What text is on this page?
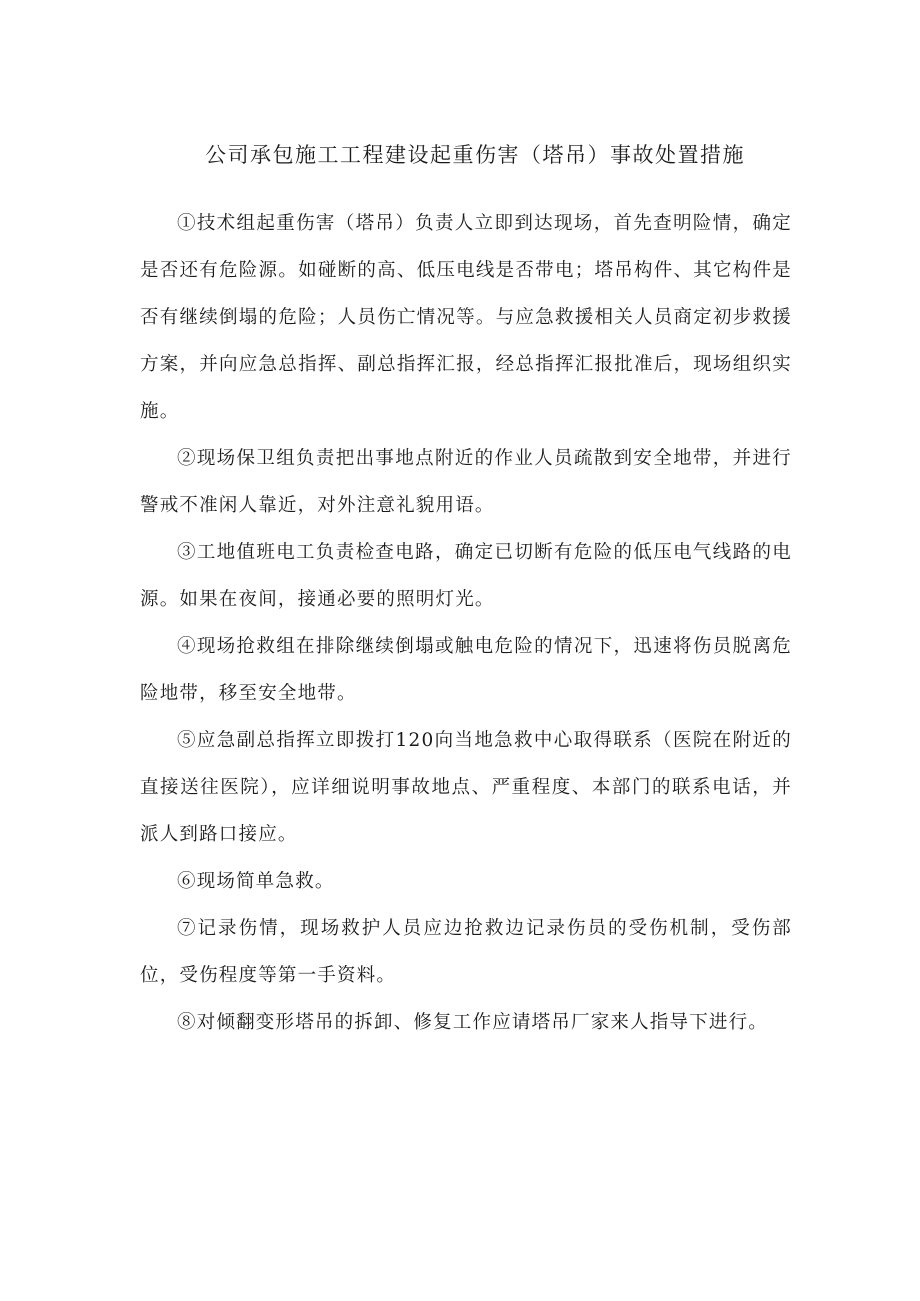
公司承包施工工程建设起重伤害（塔吊）事故处置措施

①技术组起重伤害（塔吊）负责人立即到达现场，首先查明险情，确定是否还有危险源。如碰断的高、低压电线是否带电；塔吊构件、其它构件是否有继续倒塌的危险；人员伤亡情况等。与应急救援相关人员商定初步救援方案，并向应急总指挥、副总指挥汇报，经总指挥汇报批准后，现场组织实施。

②现场保卫组负责把出事地点附近的作业人员疏散到安全地带，并进行警戒不准闲人靠近，对外注意礼貌用语。

③工地值班电工负责检查电路，确定已切断有危险的低压电气线路的电源。如果在夜间，接通必要的照明灯光。

④现场抢救组在排除继续倒塌或触电危险的情况下，迅速将伤员脱离危险地带，移至安全地带。

⑤应急副总指挥立即拨打120向当地急救中心取得联系（医院在附近的直接送往医院），应详细说明事故地点、严重程度、本部门的联系电话，并派人到路口接应。

⑥现场简单急救。

⑦记录伤情，现场救护人员应边抢救边记录伤员的受伤机制，受伤部位，受伤程度等第一手资料。

⑧对倾翻变形塔吊的拆卸、修复工作应请塔吊厂家来人指导下进行。
